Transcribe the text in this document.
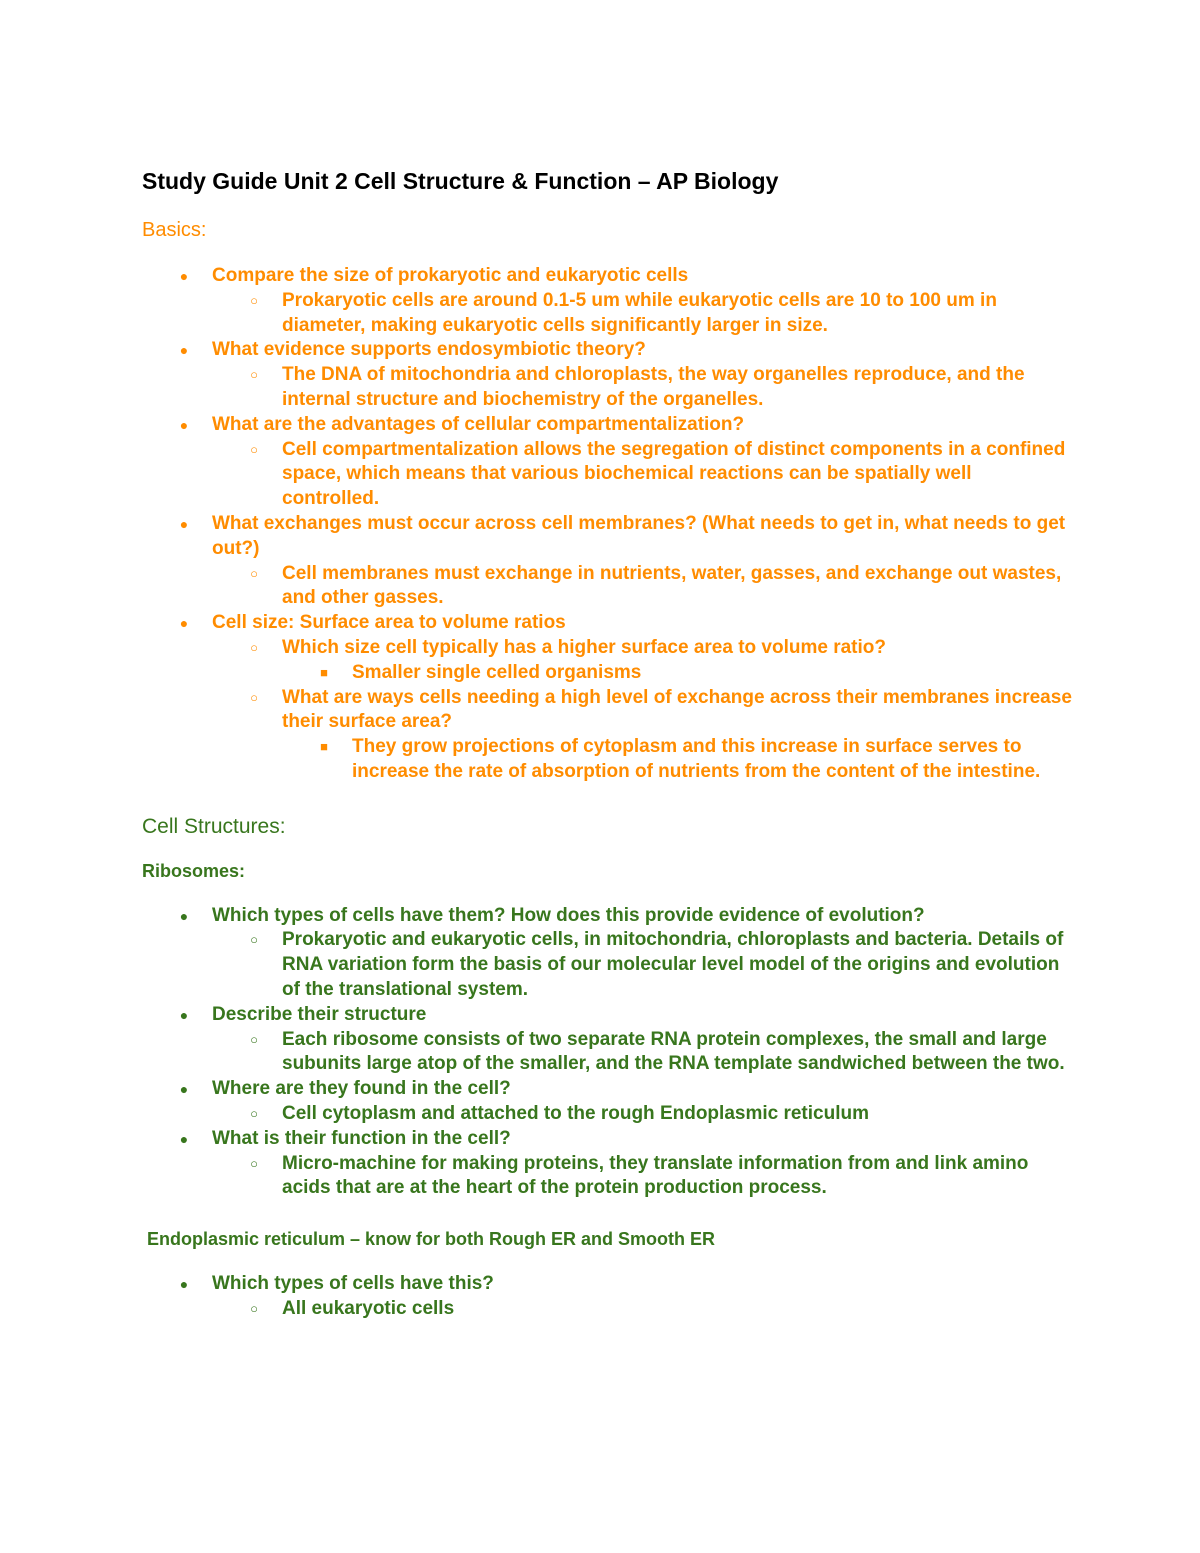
Study Guide Unit 2 Cell Structure & Function – AP Biology
Basics:
●	Compare the size of prokaryotic and eukaryotic cells
○	Prokaryotic cells are around 0.1-5 um while eukaryotic cells are 10 to 100 um in diameter, making eukaryotic cells significantly larger in size.
●	What evidence supports endosymbiotic theory?
○	The DNA of mitochondria and chloroplasts, the way organelles reproduce, and the internal structure and biochemistry of the organelles.
●	What are the advantages of cellular compartmentalization?
○	Cell compartmentalization allows the segregation of distinct components in a confined space, which means that various biochemical reactions can be spatially well controlled.
●	What exchanges must occur across cell membranes? (What needs to get in, what needs to get out?)
○	Cell membranes must exchange in nutrients, water, gasses, and exchange out wastes, and other gasses.
●	Cell size: Surface area to volume ratios
○	Which size cell typically has a higher surface area to volume ratio?
■	Smaller single celled organisms
○	What are ways cells needing a high level of exchange across their membranes increase their surface area?
■	They grow projections of cytoplasm and this increase in surface serves to increase the rate of absorption of nutrients from the content of the intestine.
Cell Structures:
Ribosomes:
●	Which types of cells have them? How does this provide evidence of evolution?
○	Prokaryotic and eukaryotic cells, in mitochondria, chloroplasts and bacteria. Details of RNA variation form the basis of our molecular level model of the origins and evolution of the translational system.
●	Describe their structure
○	Each ribosome consists of two separate RNA protein complexes, the small and large subunits large atop of the smaller, and the RNA template sandwiched between the two.
●	Where are they found in the cell?
○	Cell cytoplasm and attached to the rough Endoplasmic reticulum
●	What is their function in the cell?
○	Micro-machine for making proteins, they translate information from and link amino acids that are at the heart of the protein production process.
Endoplasmic reticulum – know for both Rough ER and Smooth ER
●	Which types of cells have this?
○	All eukaryotic cells
